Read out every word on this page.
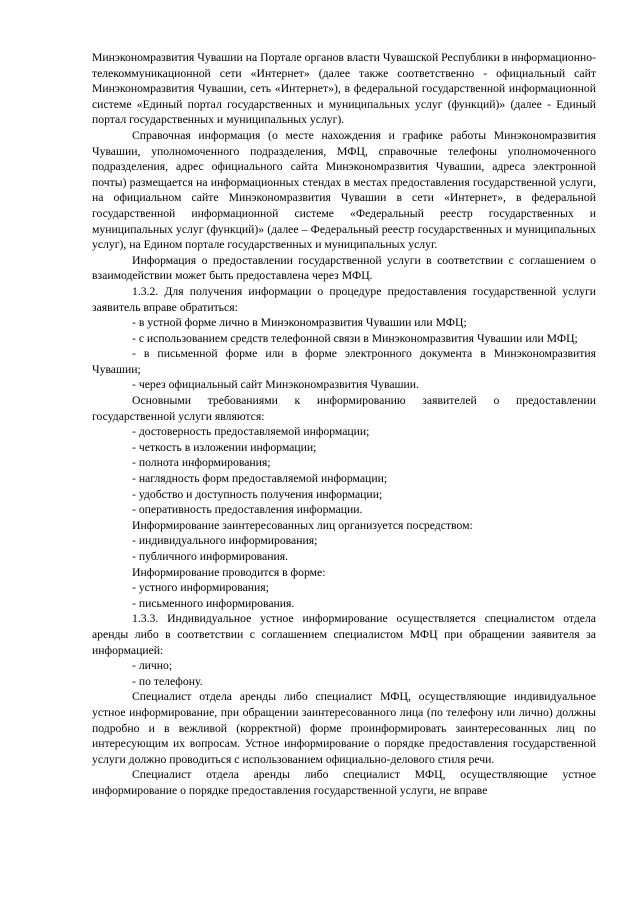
Минэкономразвития Чувашии на Портале органов власти Чувашской Республики в информационно-телекоммуникационной сети «Интернет» (далее также соответственно - официальный сайт Минэкономразвития Чувашии, сеть «Интернет»), в федеральной государственной информационной системе «Единый портал государственных и муниципальных услуг (функций)» (далее - Единый портал государственных и муниципальных услуг).

Справочная информация (о месте нахождения и графике работы Минэкономразвития Чувашии, уполномоченного подразделения, МФЦ, справочные телефоны уполномоченного подразделения, адрес официального сайта Минэкономразвития Чувашии, адреса электронной почты) размещается на информационных стендах в местах предоставления государственной услуги, на официальном сайте Минэкономразвития Чувашии в сети «Интернет», в федеральной государственной информационной системе «Федеральный реестр государственных и муниципальных услуг (функций)» (далее – Федеральный реестр государственных и муниципальных услуг), на Едином портале государственных и муниципальных услуг.

Информация о предоставлении государственной услуги в соответствии с соглашением о взаимодействии может быть предоставлена через МФЦ.

1.3.2. Для получения информации о процедуре предоставления государственной услуги заявитель вправе обратиться:

- в устной форме лично в Минэкономразвития Чувашии или МФЦ;

- с использованием средств телефонной связи в Минэкономразвития Чувашии или МФЦ;

- в письменной форме или в форме электронного документа в Минэкономразвития Чувашии;

- через официальный сайт Минэкономразвития Чувашии.

Основными требованиями к информированию заявителей о предоставлении государственной услуги являются:

- достоверность предоставляемой информации;

- четкость в изложении информации;

- полнота информирования;

- наглядность форм предоставляемой информации;

- удобство и доступность получения информации;

- оперативность предоставления информации.

Информирование заинтересованных лиц организуется посредством:

- индивидуального информирования;

- публичного информирования.

Информирование проводится в форме:

- устного информирования;

- письменного информирования.

1.3.3. Индивидуальное устное информирование осуществляется специалистом отдела аренды либо в соответствии с соглашением специалистом МФЦ при обращении заявителя за информацией:

- лично;

- по телефону.

Специалист отдела аренды либо специалист МФЦ, осуществляющие индивидуальное устное информирование, при обращении заинтересованного лица (по телефону или лично) должны подробно и в вежливой (корректной) форме проинформировать заинтересованных лиц по интересующим их вопросам. Устное информирование о порядке предоставления государственной услуги должно проводиться с использованием официально-делового стиля речи.

Специалист отдела аренды либо специалист МФЦ, осуществляющие устное информирование о порядке предоставления государственной услуги, не вправе
